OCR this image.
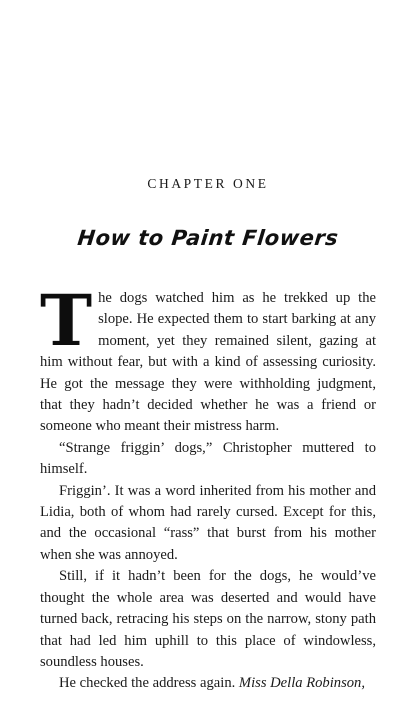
CHAPTER ONE
How to Paint Flowers

The dogs watched him as he trekked up the slope. He expected them to start barking at any moment, yet they remained silent, gazing at him without fear, but with a kind of assessing curiosity. He got the message they were withholding judgment, that they hadn’t decided whether he was a friend or someone who meant their mistress harm.

“Strange friggin’ dogs,” Christopher muttered to himself.

Friggin’. It was a word inherited from his mother and Lidia, both of whom had rarely cursed. Except for this, and the occasional “rass” that burst from his mother when she was annoyed.

Still, if it hadn’t been for the dogs, he would’ve thought the whole area was deserted and would have turned back, retracing his steps on the narrow, stony path that had led him uphill to this place of windowless, soundless houses.

He checked the address again. Miss Della Robinson,
